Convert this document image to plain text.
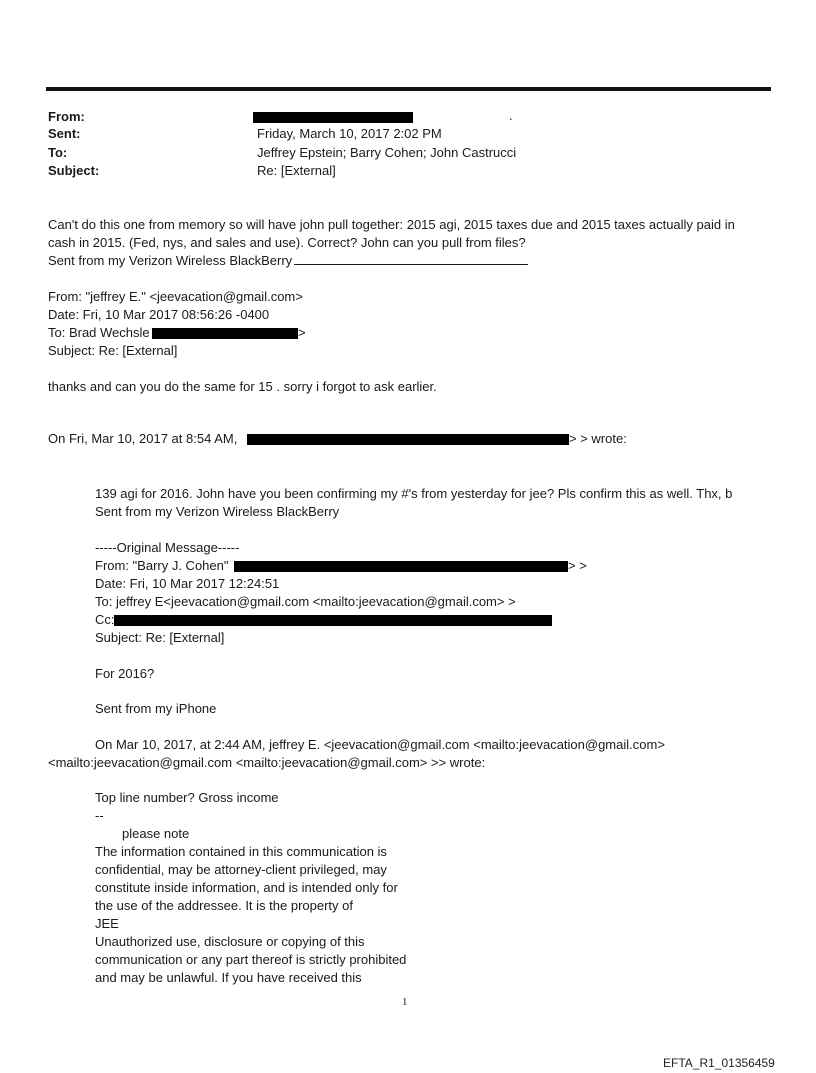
From:	.
Sent:	Friday, March 10, 2017 2:02 PM
To:	Jeffrey Epstein; Barry Cohen; John Castrucci
Subject:	Re: [External]
Can't do this one from memory so will have john pull together: 2015 agi, 2015 taxes due and 2015 taxes actually paid in
cash in 2015. (Fed, nys, and sales and use). Correct? John can you pull from files?
Sent from my Verizon Wireless BlackBerry
From: "jeffrey E." <jeevacation@gmail.com>
Date: Fri, 10 Mar 2017 08:56:26 -0400
To: Brad Wechsle	>
Subject: Re: [External]
thanks and can you do the same for 15 . sorry i forgot to ask earlier.
On Fri, Mar 10, 2017 at 8:54 AM,	> > wrote:
139 agi for 2016. John have you been confirming my #'s from yesterday for jee? Pls confirm this as well. Thx, b
Sent from my Verizon Wireless BlackBerry
-----Original Message-----
From: "Barry J. Cohen"	> >
Date: Fri, 10 Mar 2017 12:24:51
To: jeffrey E<jeevacation@gmail.com <mailto:jeevacation@gmail.com> >
Cc:
Subject: Re: [External]
For 2016?
Sent from my iPhone
On Mar 10, 2017, at 2:44 AM, jeffrey E. <jeevacation@gmail.com <mailto:jeevacation@gmail.com>
<mailto:jeevacation@gmail.com <mailto:jeevacation@gmail.com> >> wrote:
Top line number? Gross income
--
please note
The information contained in this communication is
confidential, may be attorney-client privileged, may
constitute inside information, and is intended only for
the use of the addressee. It is the property of
JEE
Unauthorized use, disclosure or copying of this
communication or any part thereof is strictly prohibited
and may be unlawful. If you have received this
1
EFTA_R1_01356459
